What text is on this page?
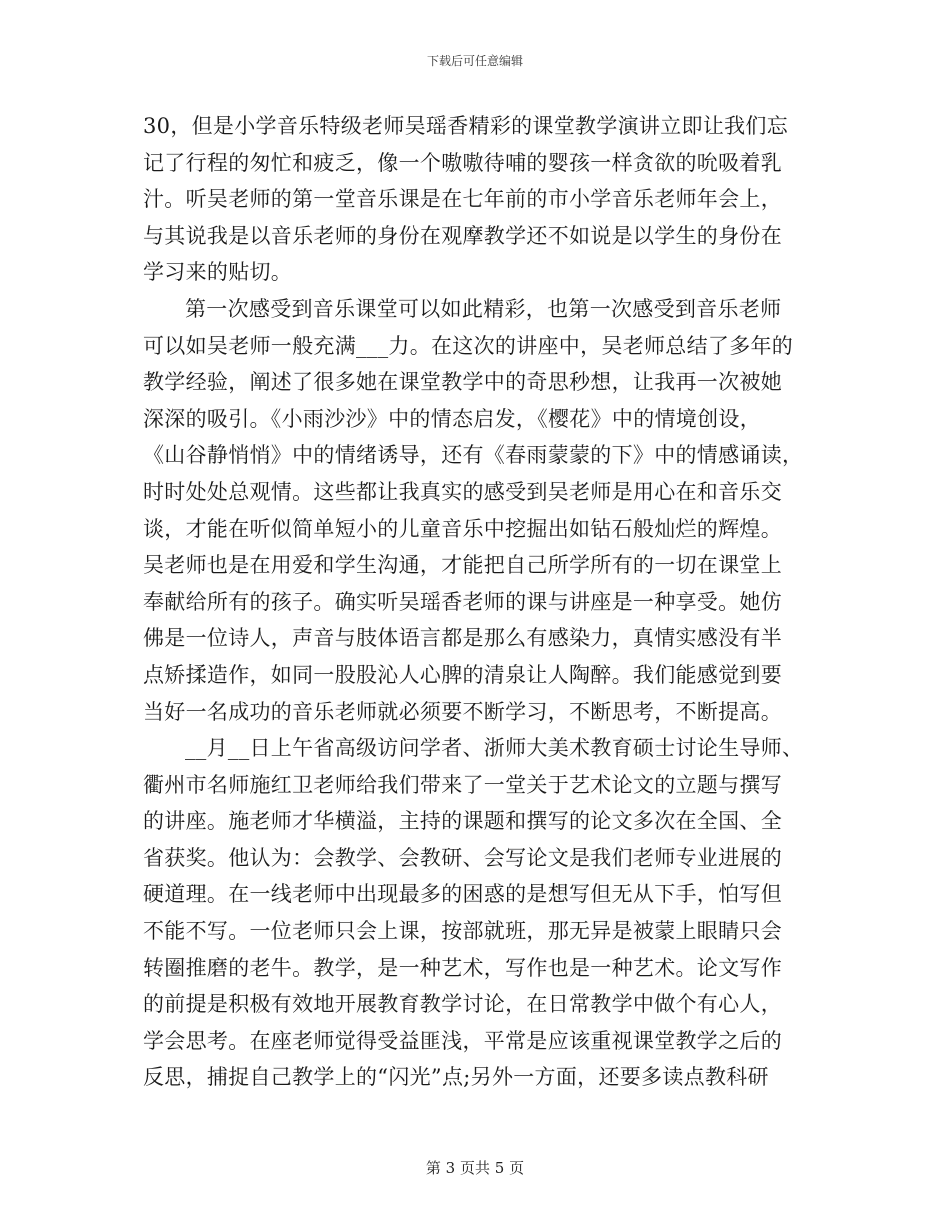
下载后可任意编辑
30，但是小学音乐特级老师吴瑶香精彩的课堂教学演讲立即让我们忘
记了行程的匆忙和疲乏，像一个嗷嗷待哺的婴孩一样贪欲的吮吸着乳
汁。听吴老师的第一堂音乐课是在七年前的市小学音乐老师年会上，
与其说我是以音乐老师的身份在观摩教学还不如说是以学生的身份在
学习来的贴切。
第一次感受到音乐课堂可以如此精彩，也第一次感受到音乐老师
可以如吴老师一般充满___力。在这次的讲座中，吴老师总结了多年的
教学经验，阐述了很多她在课堂教学中的奇思秒想，让我再一次被她
深深的吸引。《小雨沙沙》中的情态启发，《樱花》中的情境创设，
《山谷静悄悄》中的情绪诱导，还有《春雨蒙蒙的下》中的情感诵读，
时时处处总观情。这些都让我真实的感受到吴老师是用心在和音乐交
谈，才能在听似简单短小的儿童音乐中挖掘出如钻石般灿烂的辉煌。
吴老师也是在用爱和学生沟通，才能把自己所学所有的一切在课堂上
奉献给所有的孩子。确实听吴瑶香老师的课与讲座是一种享受。她仿
佛是一位诗人，声音与肢体语言都是那么有感染力，真情实感没有半
点矫揉造作，如同一股股沁人心脾的清泉让人陶醉。我们能感觉到要
当好一名成功的音乐老师就必须要不断学习，不断思考，不断提高。
__月__日上午省高级访问学者、浙师大美术教育硕士讨论生导师、
衢州市名师施红卫老师给我们带来了一堂关于艺术论文的立题与撰写
的讲座。施老师才华横溢，主持的课题和撰写的论文多次在全国、全
省获奖。他认为：会教学、会教研、会写论文是我们老师专业进展的
硬道理。在一线老师中出现最多的困惑的是想写但无从下手，怕写但
不能不写。一位老师只会上课，按部就班，那无异是被蒙上眼睛只会
转圈推磨的老牛。教学，是一种艺术，写作也是一种艺术。论文写作
的前提是积极有效地开展教育教学讨论，在日常教学中做个有心人，
学会思考。在座老师觉得受益匪浅，平常是应该重视课堂教学之后的
反思，捕捉自己教学上的“闪光”点;另外一方面，还要多读点教科研
第 3 页共 5 页
